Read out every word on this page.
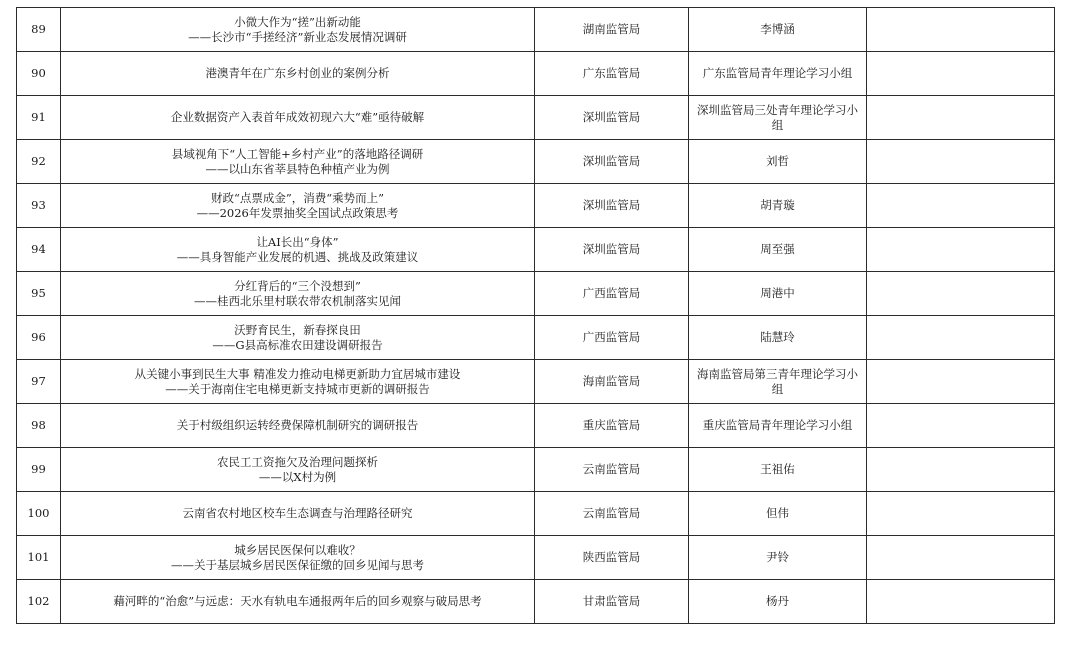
89	小微大作为“搓”出新动能
——长沙市“手搓经济”新业态发展情况调研	湖南监管局	李博涵	
90	港澳青年在广东乡村创业的案例分析	广东监管局	广东监管局青年理论学习小组	
91	企业数据资产入表首年成效初现六大“难”亟待破解	深圳监管局	深圳监管局三处青年理论学习小组	
92	县域视角下“人工智能+乡村产业”的落地路径调研
——以山东省莘县特色种植产业为例	深圳监管局	刘哲	
93	财政“点票成金”，消费“乘势而上”
——2026年发票抽奖全国试点政策思考	深圳监管局	胡青璇	
94	让AI长出“身体”
——具身智能产业发展的机遇、挑战及政策建议	深圳监管局	周至强	
95	分红背后的“三个没想到”
——桂西北乐里村联农带农机制落实见闻	广西监管局	周港中	
96	沃野育民生，新春探良田
——G县高标准农田建设调研报告	广西监管局	陆慧玲	
97	从关键小事到民生大事 精准发力推动电梯更新助力宜居城市建设
——关于海南住宅电梯更新支持城市更新的调研报告	海南监管局	海南监管局第三青年理论学习小组	
98	关于村级组织运转经费保障机制研究的调研报告	重庆监管局	重庆监管局青年理论学习小组	
99	农民工工资拖欠及治理问题探析
——以X村为例	云南监管局	王祖佑	
100	云南省农村地区校车生态调查与治理路径研究	云南监管局	但伟	
101	城乡居民医保何以难收？
——关于基层城乡居民医保征缴的回乡见闻与思考	陕西监管局	尹铃	
102	藉河畔的“治愈”与远虑：天水有轨电车通报两年后的回乡观察与破局思考	甘肃监管局	杨丹	
